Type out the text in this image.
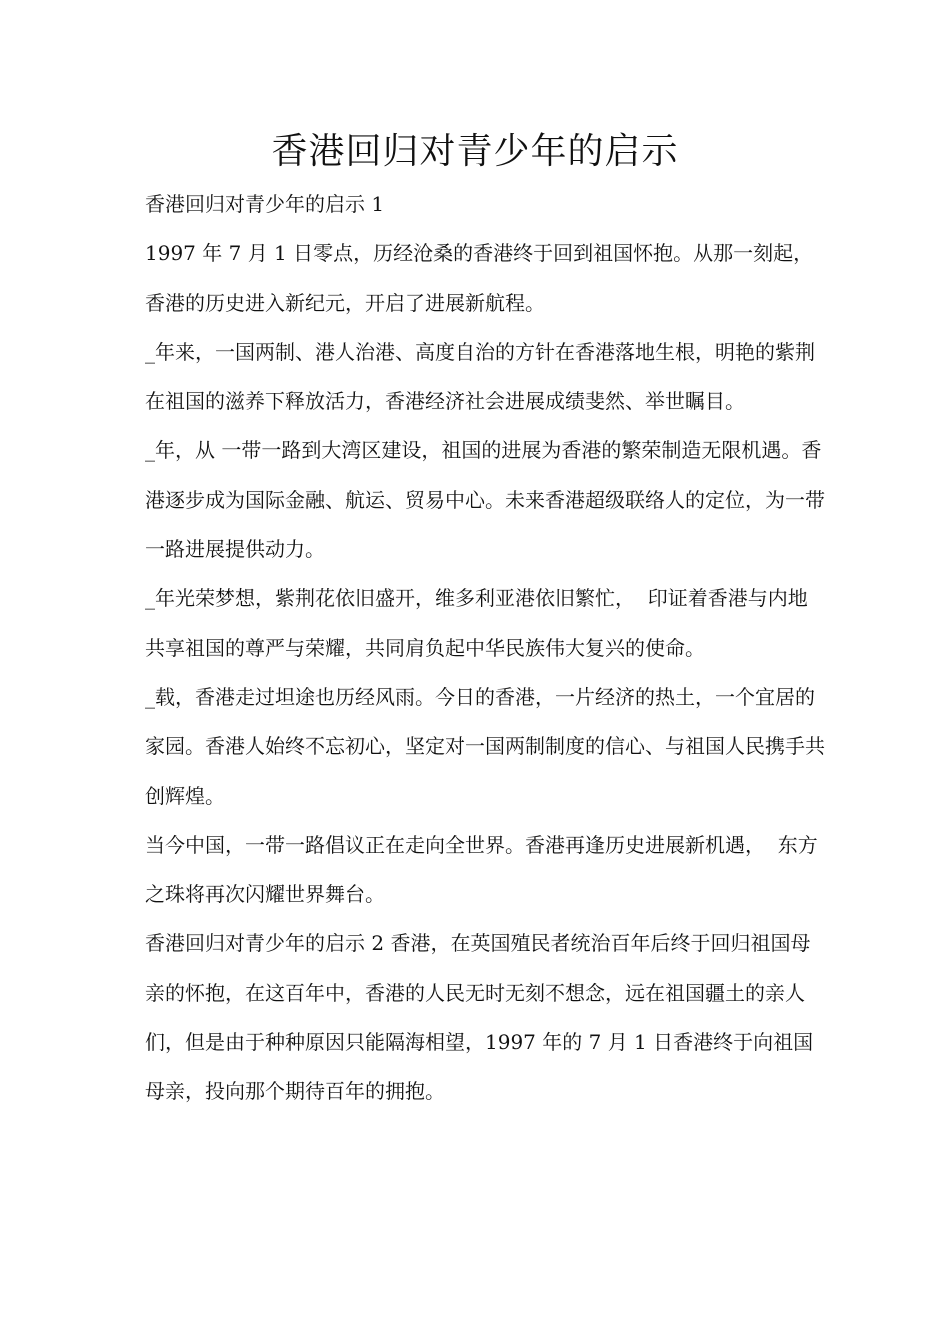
香港回归对青少年的启示

香港回归对青少年的启示 1

1997 年 7 月 1 日零点，历经沧桑的香港终于回到祖国怀抱。从那一刻起，香港的历史进入新纪元，开启了进展新航程。

_年来，一国两制、港人治港、高度自治的方针在香港落地生根，明艳的紫荆在祖国的滋养下释放活力，香港经济社会进展成绩斐然、举世瞩目。

_年，从 一带一路到大湾区建设，祖国的进展为香港的繁荣制造无限机遇。香港逐步成为国际金融、航运、贸易中心。未来香港超级联络人的定位，为一带一路进展提供动力。

_年光荣梦想，紫荆花依旧盛开，维多利亚港依旧繁忙，  印证着香港与内地共享祖国的尊严与荣耀，共同肩负起中华民族伟大复兴的使命。

_载，香港走过坦途也历经风雨。今日的香港，一片经济的热土，一个宜居的家园。香港人始终不忘初心，坚定对一国两制制度的信心、与祖国人民携手共创辉煌。

当今中国，一带一路倡议正在走向全世界。香港再逢历史进展新机遇，  东方之珠将再次闪耀世界舞台。

香港回归对青少年的启示 2 香港，在英国殖民者统治百年后终于回归祖国母亲的怀抱，在这百年中，香港的人民无时无刻不想念，远在祖国疆土的亲人们，但是由于种种原因只能隔海相望，1997 年的 7 月 1 日香港终于向祖国母亲，投向那个期待百年的拥抱。
